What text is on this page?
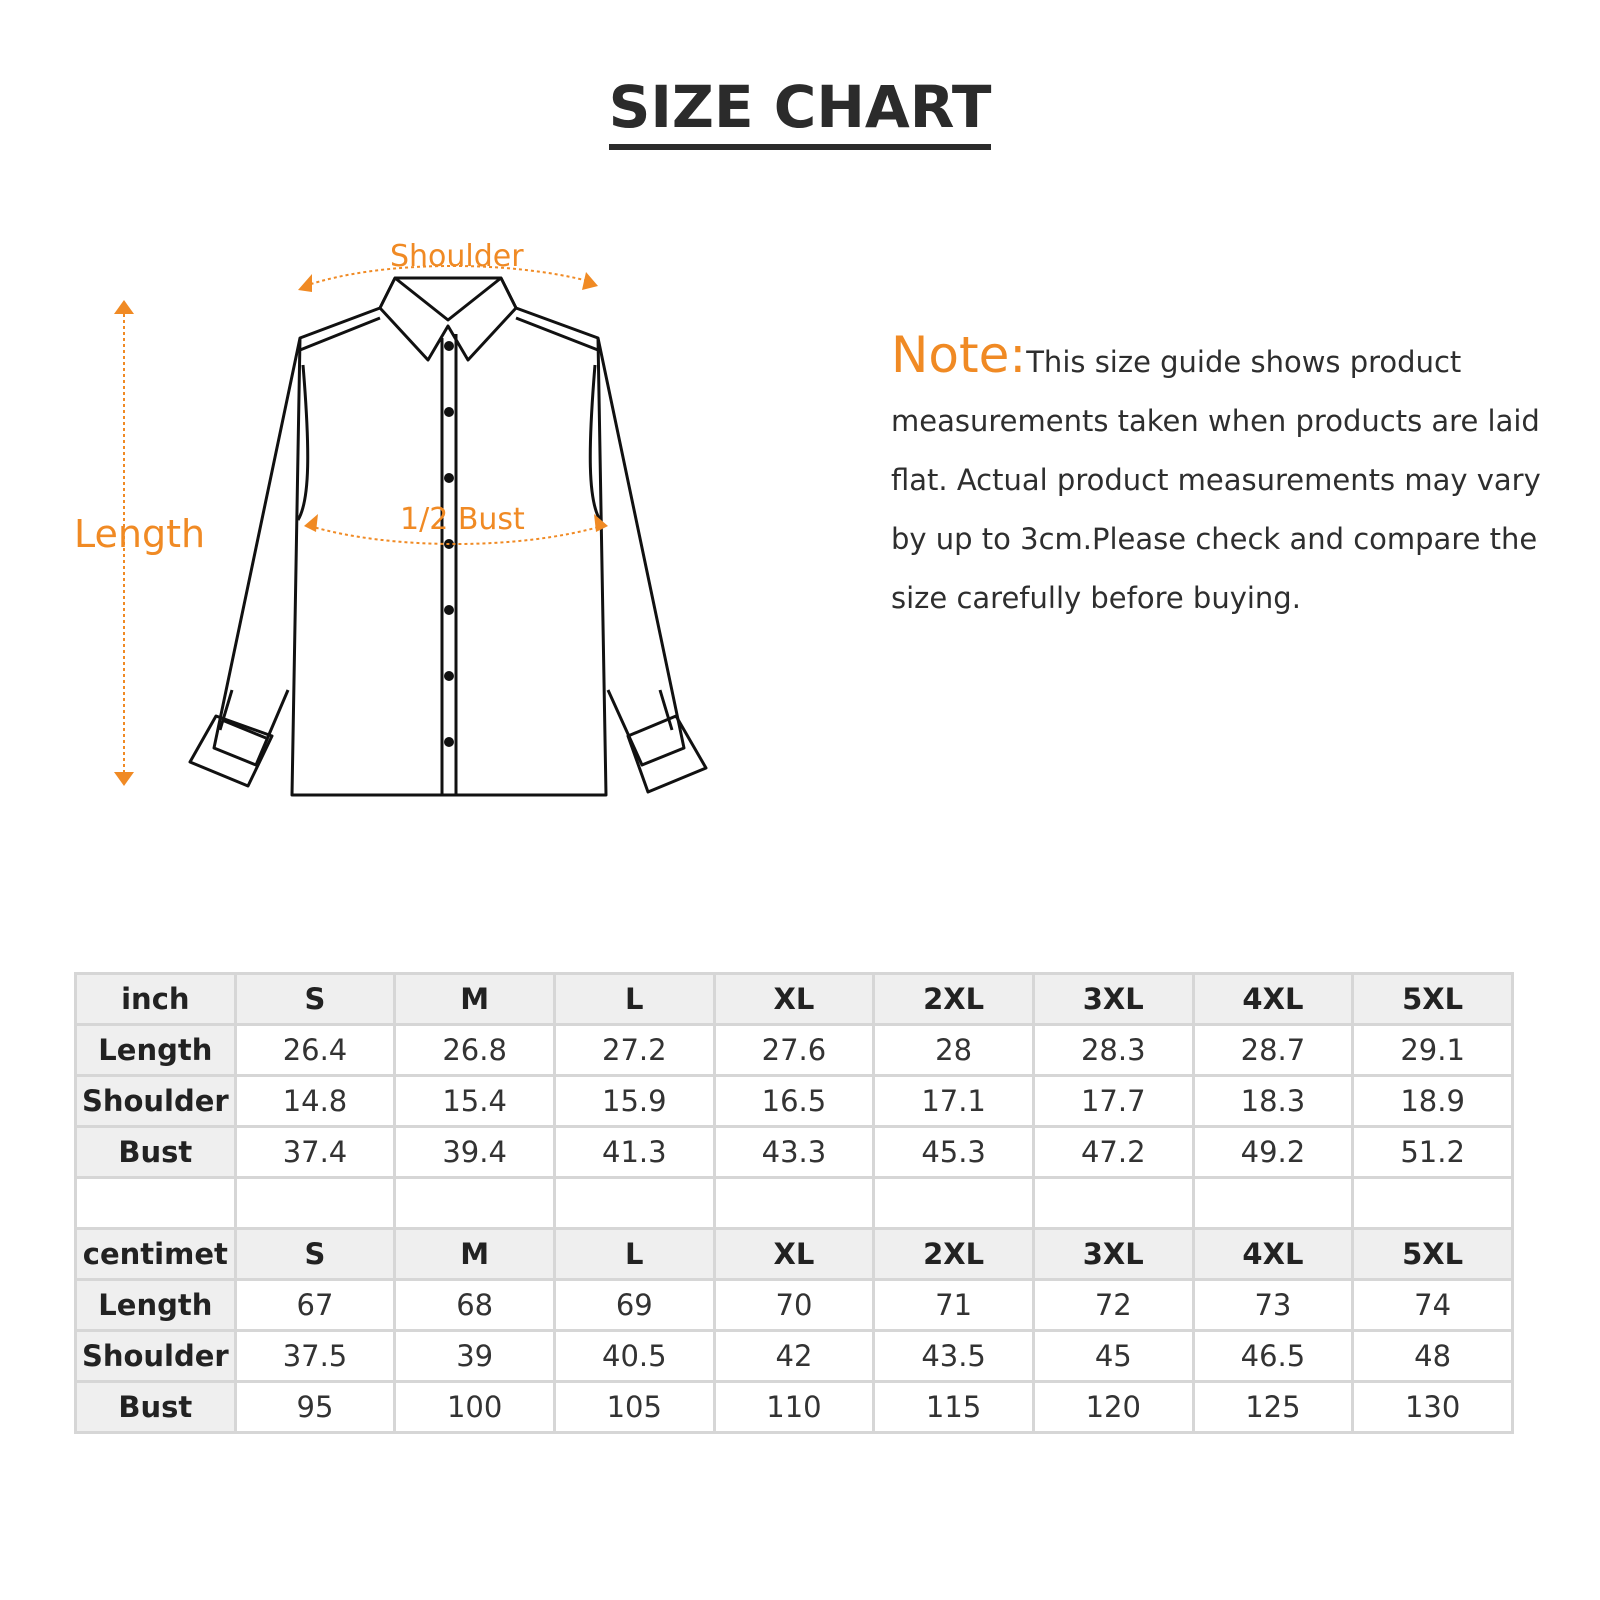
SIZE CHART
Shoulder
1/2 Bust
Length
Note:This size guide shows product measurements taken when products are laid flat. Actual product measurements may vary by up to 3cm.Please check and compare the size carefully before buying.
inch	S	M	L	XL	2XL	3XL	4XL	5XL
Length	26.4	26.8	27.2	27.6	28	28.3	28.7	29.1
Shoulder	14.8	15.4	15.9	16.5	17.1	17.7	18.3	18.9
Bust	37.4	39.4	41.3	43.3	45.3	47.2	49.2	51.2

centimet	S	M	L	XL	2XL	3XL	4XL	5XL
Length	67	68	69	70	71	72	73	74
Shoulder	37.5	39	40.5	42	43.5	45	46.5	48
Bust	95	100	105	110	115	120	125	130
